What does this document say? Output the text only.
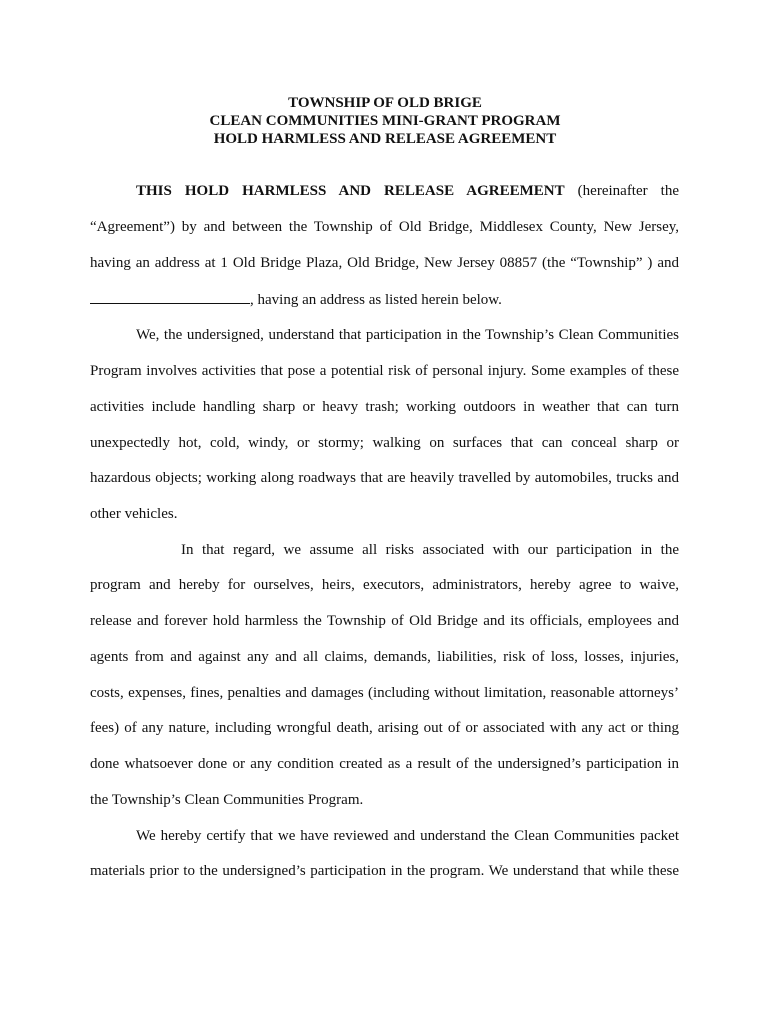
TOWNSHIP OF OLD BRIGE
CLEAN COMMUNITIES MINI-GRANT PROGRAM
HOLD HARMLESS AND RELEASE AGREEMENT
THIS HOLD HARMLESS AND RELEASE AGREEMENT (hereinafter the
“Agreement”) by and between the Township of Old Bridge, Middlesex County, New Jersey,
having an address at 1 Old Bridge Plaza, Old Bridge, New Jersey 08857 (the “Township” ) and
, having an address as listed herein below.
We, the undersigned, understand that participation in the Township’s Clean Communities
Program involves activities that pose a potential risk of personal injury. Some examples of these
activities include handling sharp or heavy trash; working outdoors in weather that can turn
unexpectedly hot, cold, windy, or stormy; walking on surfaces that can conceal sharp or
hazardous objects; working along roadways that are heavily travelled by automobiles, trucks and
other vehicles.
In that regard, we assume all risks associated with our participation in the
program and hereby for ourselves, heirs, executors, administrators, hereby agree to waive,
release and forever hold harmless the Township of Old Bridge and its officials, employees and
agents from and against any and all claims, demands, liabilities, risk of loss, losses, injuries,
costs, expenses, fines, penalties and damages (including without limitation, reasonable attorneys’
fees) of any nature, including wrongful death, arising out of or associated with any act or thing
done whatsoever done or any condition created as a result of the undersigned’s participation in
the Township’s Clean Communities Program.
We hereby certify that we have reviewed and understand the Clean Communities packet
materials prior to the undersigned’s participation in the program. We understand that while these
